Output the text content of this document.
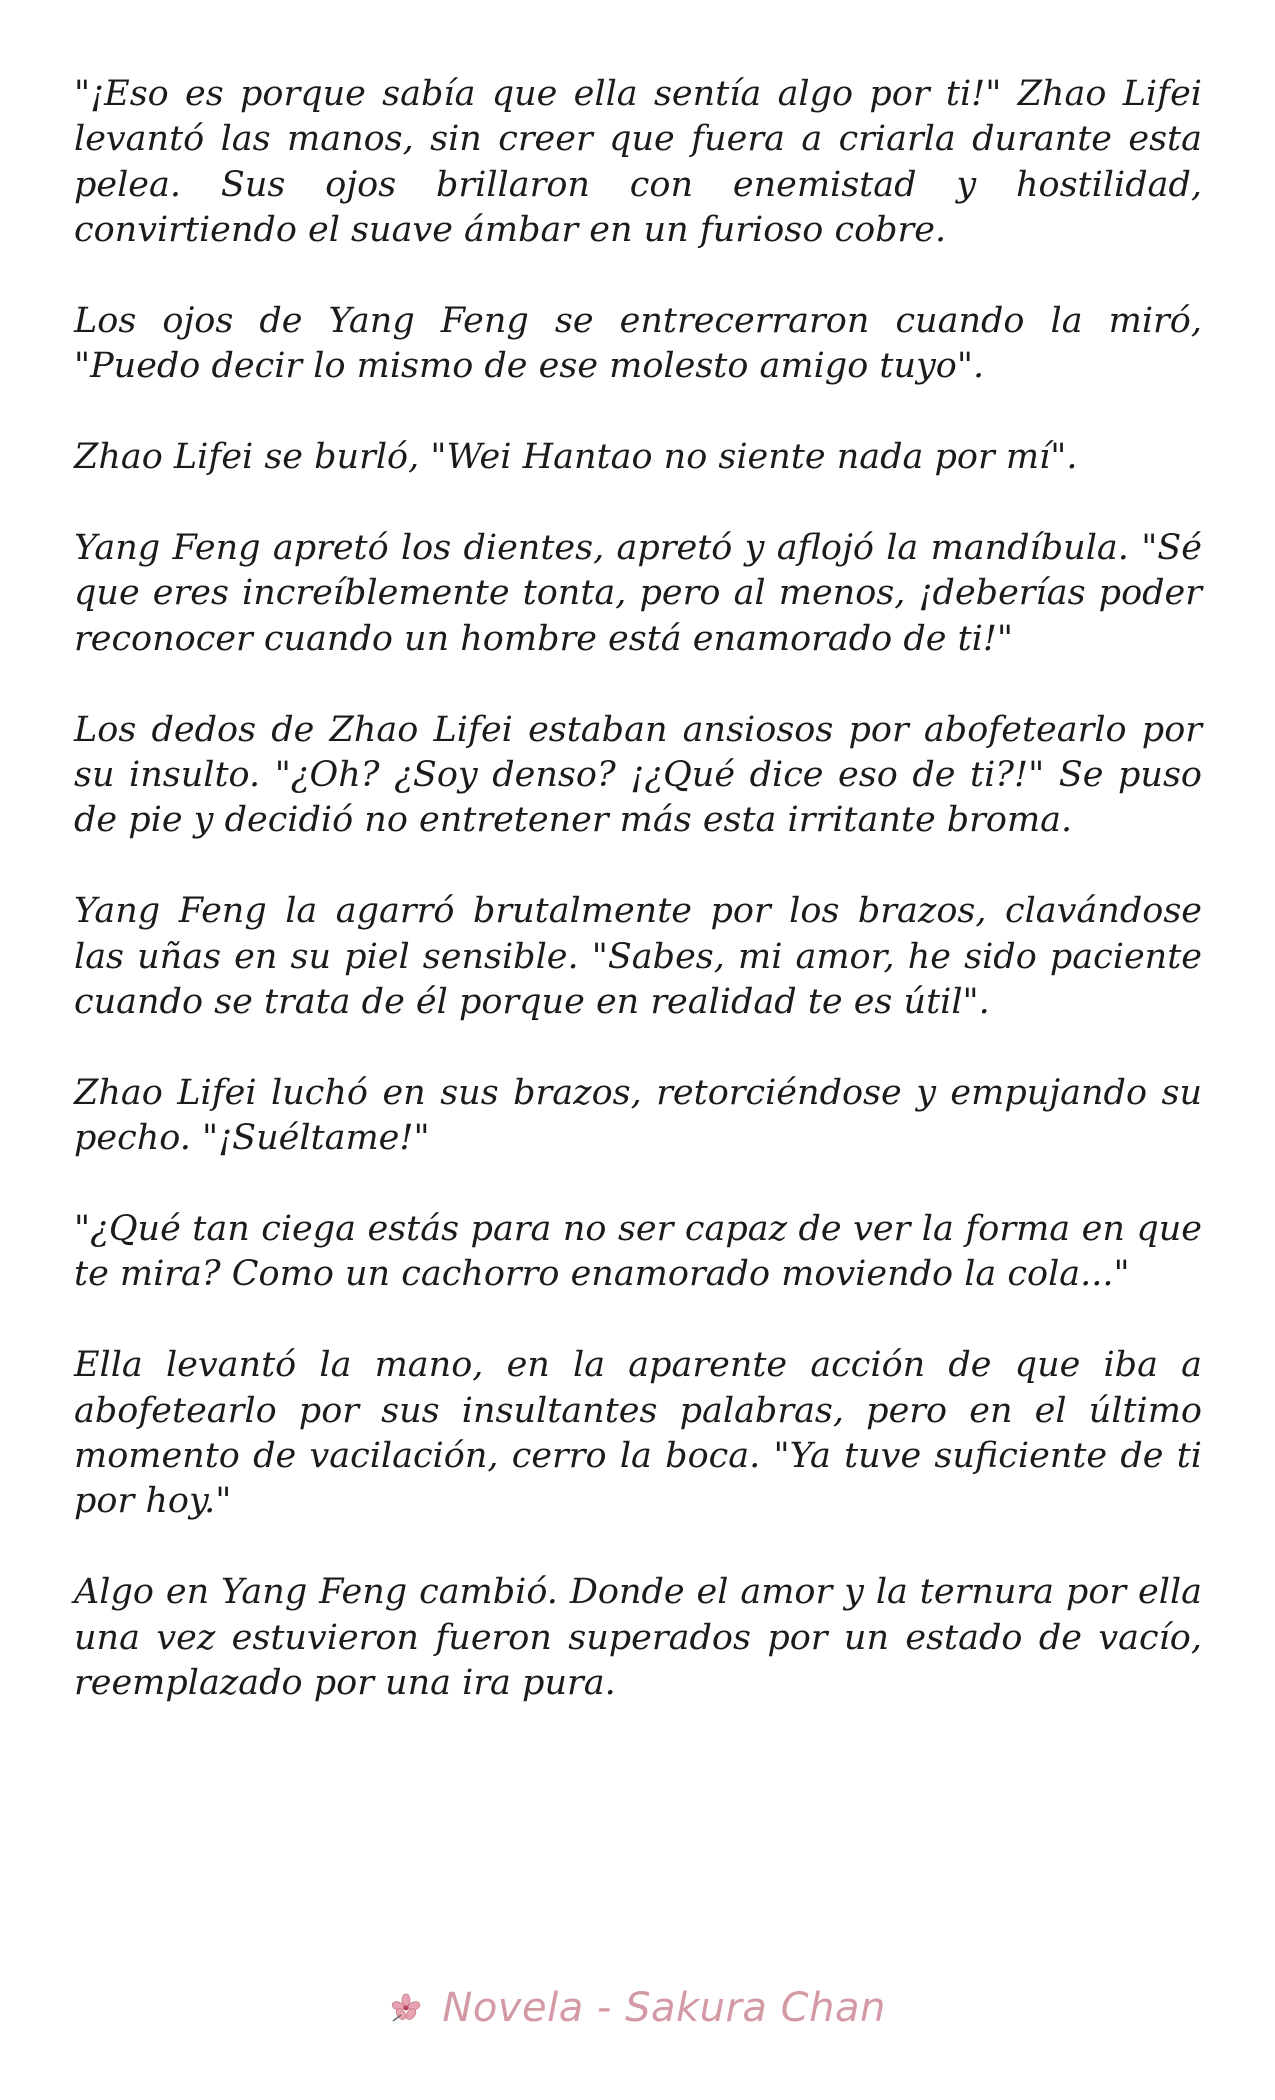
"¡Eso es porque sabía que ella sentía algo por ti!" Zhao Lifei levantó las manos, sin creer que fuera a criarla durante esta pelea. Sus ojos brillaron con enemistad y hostilidad, convirtiendo el suave ámbar en un furioso cobre.

Los ojos de Yang Feng se entrecerraron cuando la miró, "Puedo decir lo mismo de ese molesto amigo tuyo".

Zhao Lifei se burló, "Wei Hantao no siente nada por mí".

Yang Feng apretó los dientes, apretó y aflojó la mandíbula. "Sé que eres increíblemente tonta, pero al menos, ¡deberías poder reconocer cuando un hombre está enamorado de ti!"

Los dedos de Zhao Lifei estaban ansiosos por abofetearlo por su insulto. "¿Oh? ¿Soy denso? ¡¿Qué dice eso de ti?!" Se puso de pie y decidió no entretener más esta irritante broma.

Yang Feng la agarró brutalmente por los brazos, clavándose las uñas en su piel sensible. "Sabes, mi amor, he sido paciente cuando se trata de él porque en realidad te es útil".

Zhao Lifei luchó en sus brazos, retorciéndose y empujando su pecho. "¡Suéltame!"

"¿Qué tan ciega estás para no ser capaz de ver la forma en que te mira? Como un cachorro enamorado moviendo la cola..."

Ella levantó la mano, en la aparente acción de que iba a abofetearlo por sus insultantes palabras, pero en el último momento de vacilación, cerro la boca. "Ya tuve suficiente de ti por hoy."

Algo en Yang Feng cambió. Donde el amor y la ternura por ella una vez estuvieron fueron superados por un estado de vacío, reemplazado por una ira pura.

Novela - Sakura Chan
